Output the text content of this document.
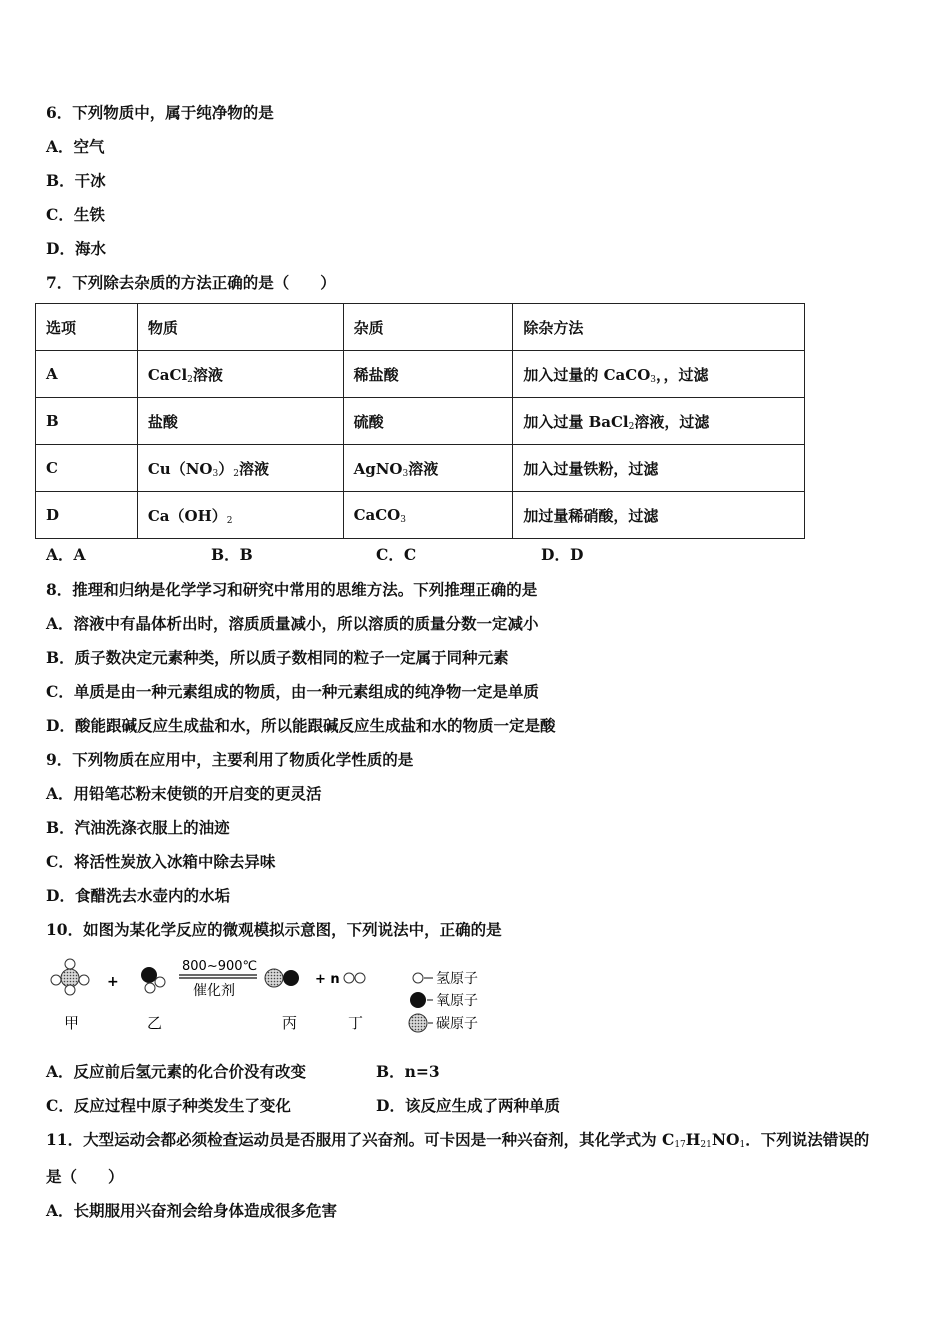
6．下列物质中，属于纯净物的是
A．空气
B．干冰
C．生铁
D．海水
7．下列除去杂质的方法正确的是（　　）
选项	物质	杂质	除杂方法
A	CaCl$_2$溶液	稀盐酸	加入过量的 CaCO$_3$，，过滤
B	盐酸	硫酸	加入过量 BaCl$_2$溶液，过滤
C	$Cu(NO_3)_2$溶液	AgNO$_3$溶液	加入过量铁粉，过滤
D	$Ca(OH)_2$	CaCO$_3$	加过量稀硝酸，过滤
A．A	B．B	C．C	D．D
8．推理和归纳是化学学习和研究中常用的思维方法。下列推理正确的是
A．溶液中有晶体析出时，溶质质量减小，所以溶质的质量分数一定减小
B．质子数决定元素种类，所以质子数相同的粒子一定属于同种元素
C．单质是由一种元素组成的物质，由一种元素组成的纯净物一定是单质
D．酸能跟碱反应生成盐和水，所以能跟碱反应生成盐和水的物质一定是酸
9．下列物质在应用中，主要利用了物质化学性质的是
A．用铅笔芯粉末使锁的开启变的更灵活
B．汽油洗涤衣服上的油迹
C．将活性炭放入冰箱中除去异味
D．食醋洗去水壶内的水垢
10．如图为某化学反应的微观模拟示意图，下列说法中，正确的是
+
800~900℃
催化剂
+ n
甲	乙	丙	丁
氢原子
氧原子
碳原子
A．反应前后氢元素的化合价没有改变	B．n=3
C．反应过程中原子种类发生了变化	D．该反应生成了两种单质
11．大型运动会都必须检查运动员是否服用了兴奋剂。可卡因是一种兴奋剂，其化学式为 $C_{17}H_{21}NO_1$．下列说法错误的
是（　　）
A．长期服用兴奋剂会给身体造成很多危害
